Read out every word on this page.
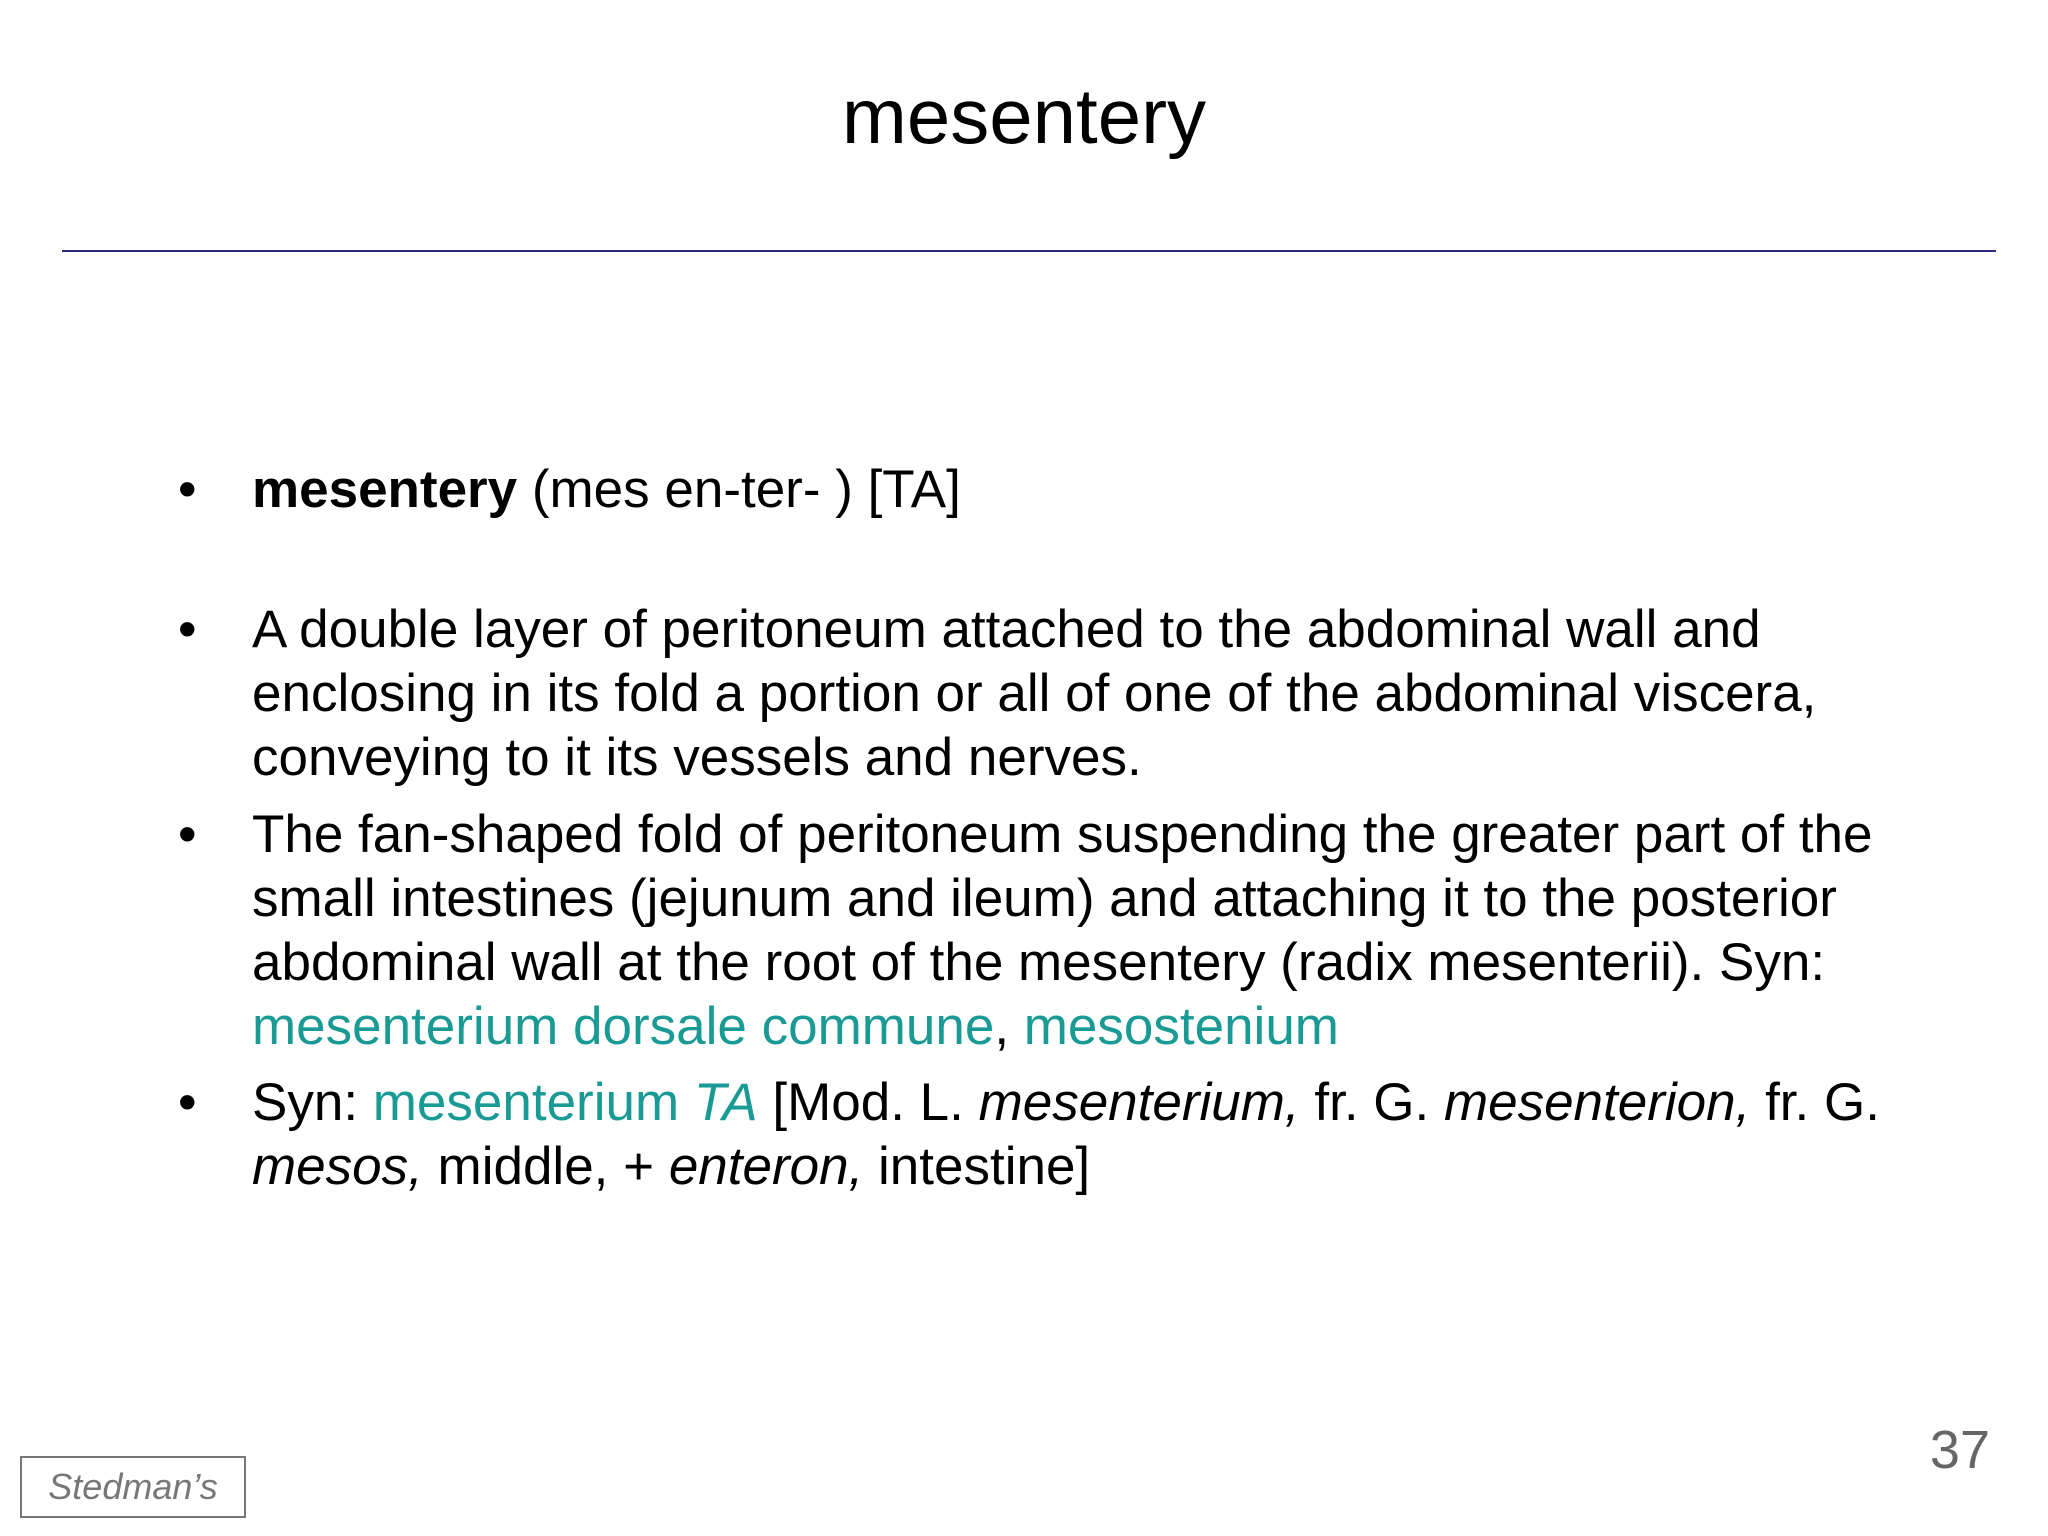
mesentery
• mesentery (mes en-ter- ) [TA]
• A double layer of peritoneum attached to the abdominal wall and enclosing in its fold a portion or all of one of the abdominal viscera, conveying to it its vessels and nerves.
• The fan-shaped fold of peritoneum suspending the greater part of the small intestines (jejunum and ileum) and attaching it to the posterior abdominal wall at the root of the mesentery (radix mesenterii). Syn: mesenterium dorsale commune, mesostenium
• Syn: mesenterium TA [Mod. L. mesenterium, fr. G. mesenterion, fr. G. mesos, middle, + enteron, intestine]
37
Stedman’s
